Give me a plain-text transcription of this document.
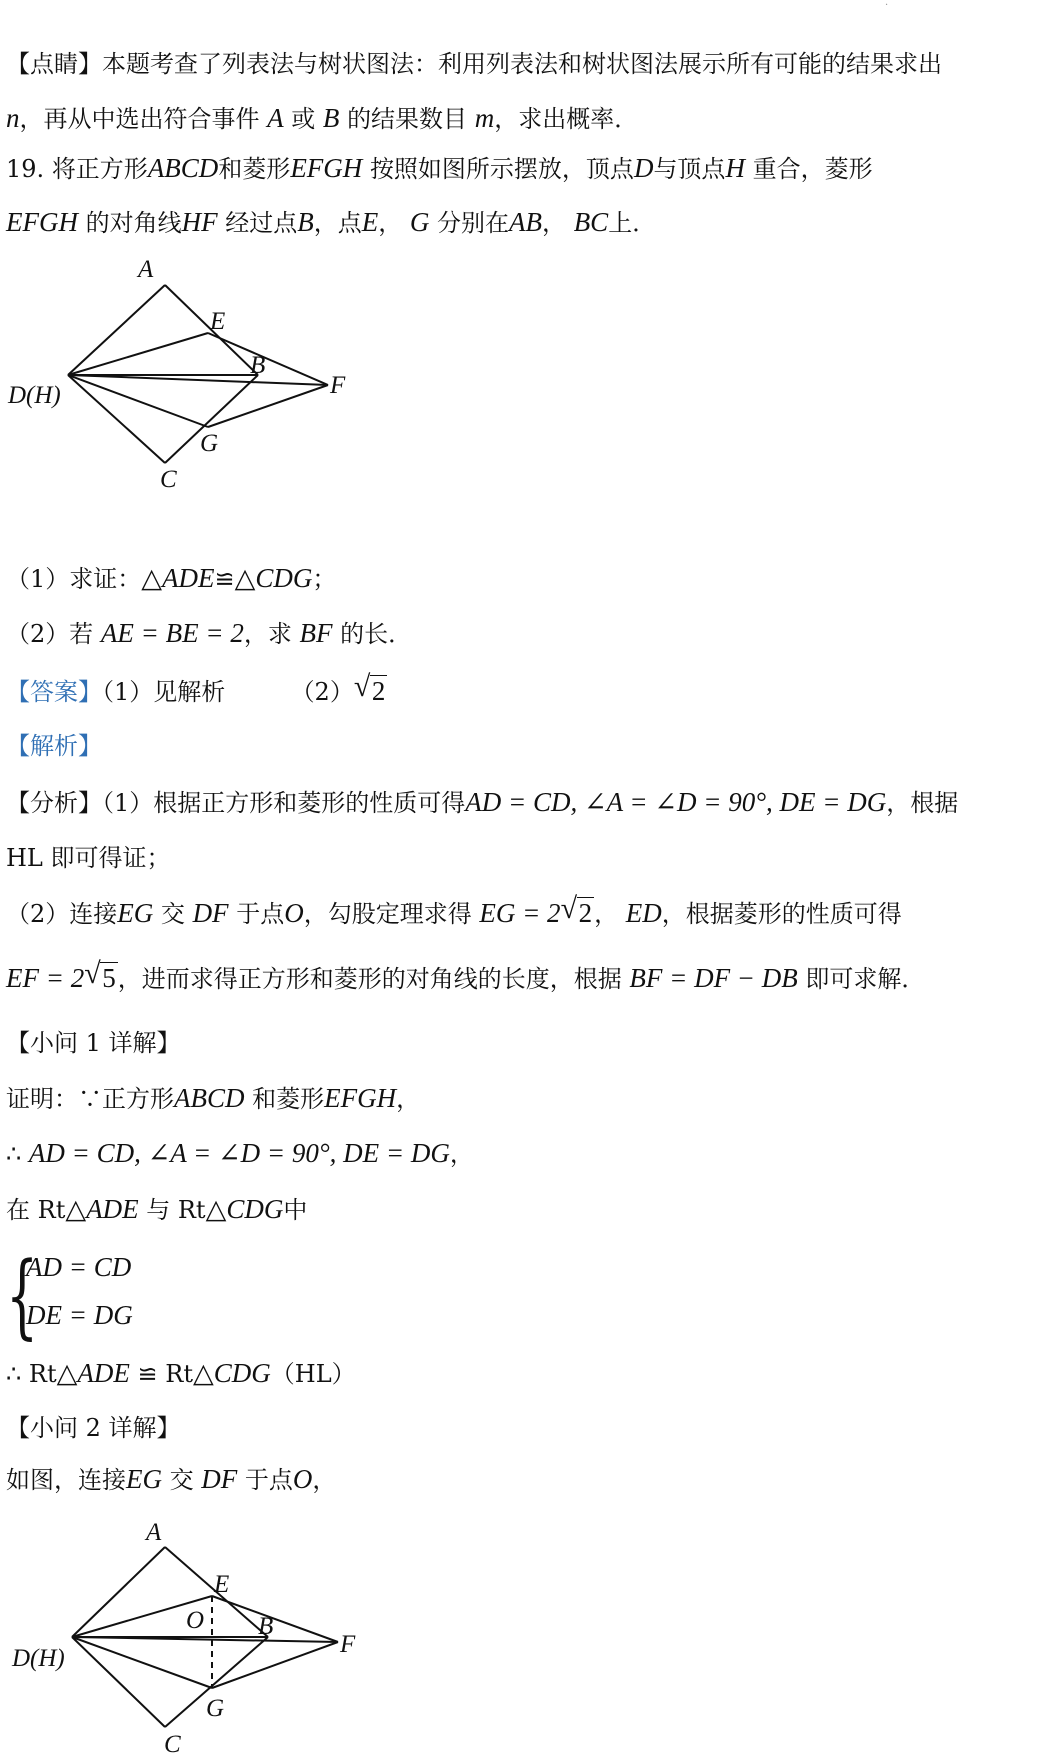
·
【点睛】本题考查了列表法与树状图法：利用列表法和树状图法展示所有可能的结果求出
n，再从中选出符合事件 A 或 B 的结果数目 m，求出概率．
19. 将正方形ABCD和菱形EFGH 按照如图所示摆放，顶点D与顶点H 重合，菱形
EFGH 的对角线HF 经过点B，点E， G 分别在AB， BC上．
A
E
B
F
D(H)
G
C
（1）求证：△ADE≌△CDG；
（2）若 AE = BE = 2，求 BF 的长．
【答案】（1）见解析	（2） √ 2
【解析】
【分析】（1）根据正方形和菱形的性质可得AD = CD, ∠A = ∠D = 90°, DE = DG，根据
HL 即可得证；
（2）连接EG 交 DF 于点O，勾股定理求得 EG = 2 √ 2， ED，根据菱形的性质可得
EF = 2 √ 5，进而求得正方形和菱形的对角线的长度，根据 BF = DF − DB 即可求解．
【小问 1 详解】
证明：∵正方形ABCD 和菱形EFGH，
∴ AD = CD, ∠A = ∠D = 90°, DE = DG，
在 Rt△ADE 与 Rt△CDG中
{
AD = CD
DE = DG
∴ Rt△ADE ≌ Rt△CDG（HL）
【小问 2 详解】
如图，连接EG 交 DF 于点O，
A
E
O B
F
D(H)
G
C
